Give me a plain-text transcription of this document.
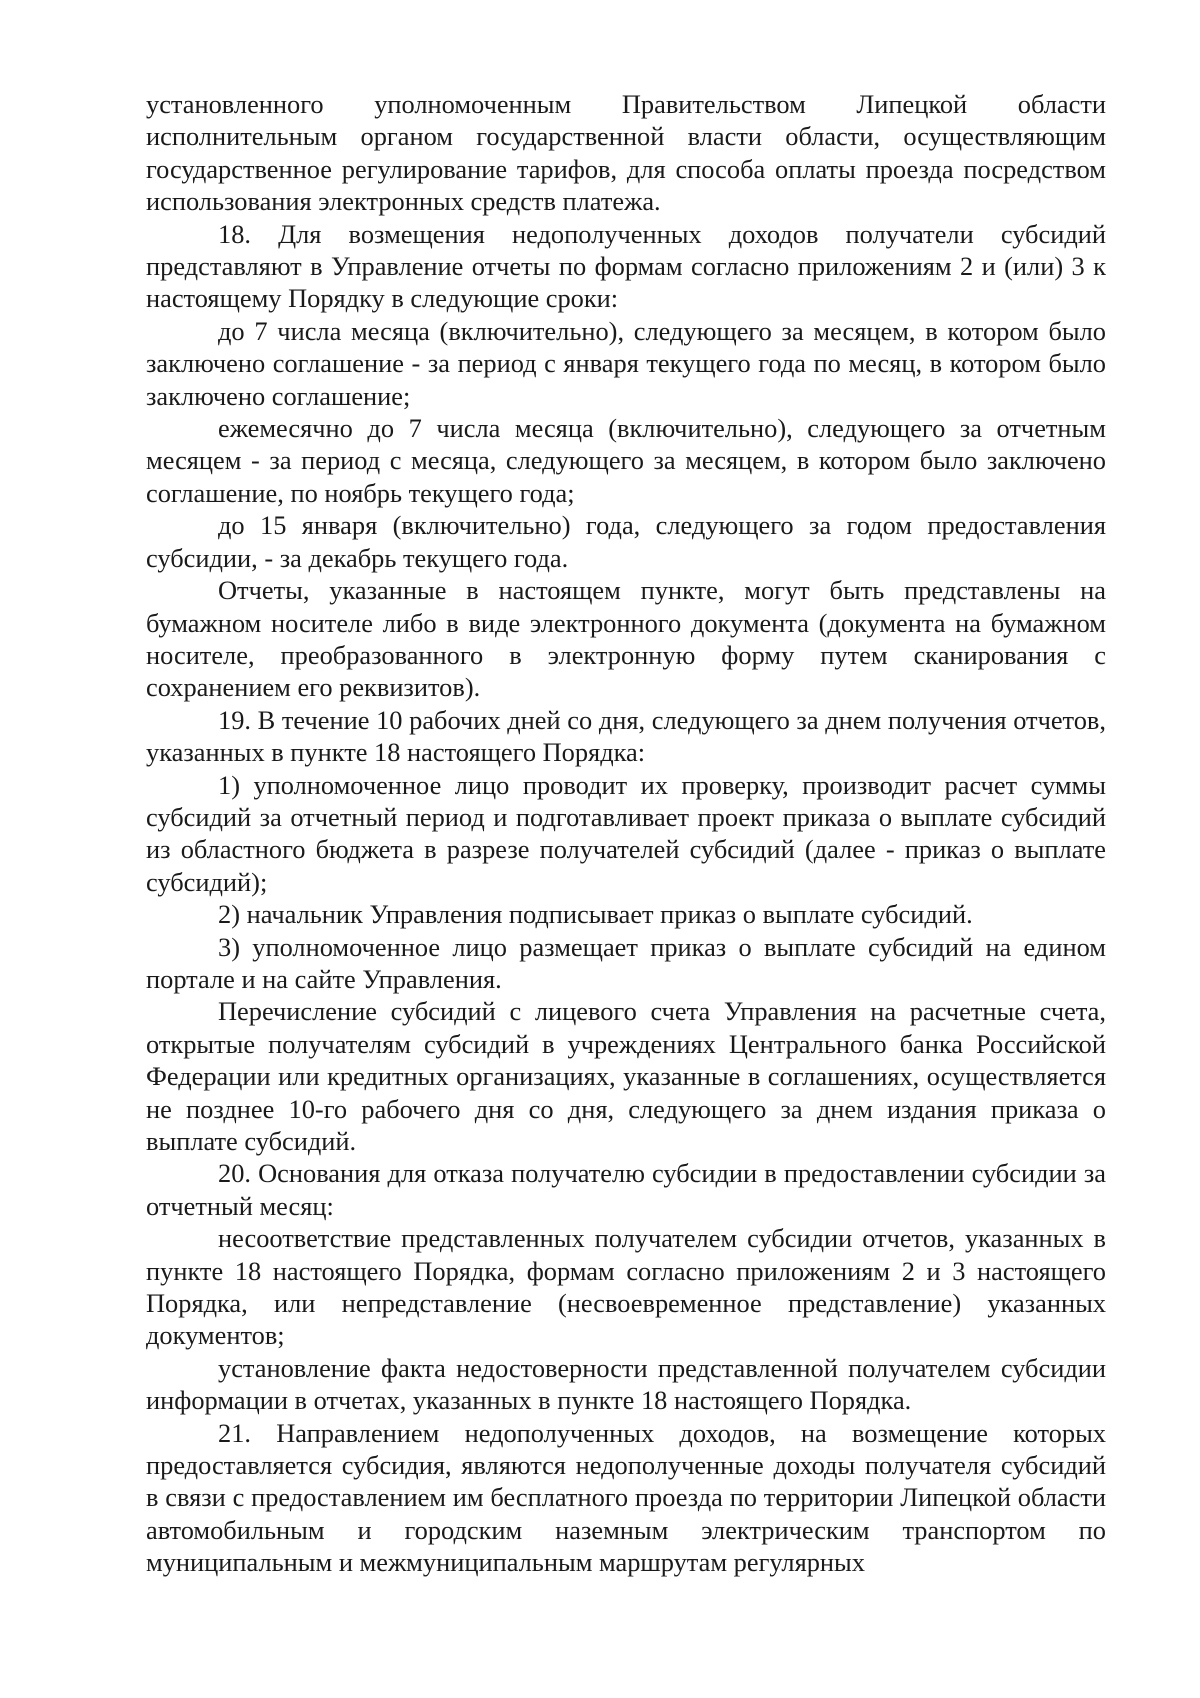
установленного уполномоченным Правительством Липецкой области исполнительным органом государственной власти области, осуществляющим государственное регулирование тарифов, для способа оплаты проезда посредством использования электронных средств платежа.

18. Для возмещения недополученных доходов получатели субсидий представляют в Управление отчеты по формам согласно приложениям 2 и (или) 3 к настоящему Порядку в следующие сроки:

до 7 числа месяца (включительно), следующего за месяцем, в котором было заключено соглашение - за период с января текущего года по месяц, в котором было заключено соглашение;

ежемесячно до 7 числа месяца (включительно), следующего за отчетным месяцем - за период с месяца, следующего за месяцем, в котором было заключено соглашение, по ноябрь текущего года;

до 15 января (включительно) года, следующего за годом предоставления субсидии, - за декабрь текущего года.

Отчеты, указанные в настоящем пункте, могут быть представлены на бумажном носителе либо в виде электронного документа (документа на бумажном носителе, преобразованного в электронную форму путем сканирования с сохранением его реквизитов).

19. В течение 10 рабочих дней со дня, следующего за днем получения отчетов, указанных в пункте 18 настоящего Порядка:

1) уполномоченное лицо проводит их проверку, производит расчет суммы субсидий за отчетный период и подготавливает проект приказа о выплате субсидий из областного бюджета в разрезе получателей субсидий (далее - приказ о выплате субсидий);

2) начальник Управления подписывает приказ о выплате субсидий.

3) уполномоченное лицо размещает приказ о выплате субсидий на едином портале и на сайте Управления.

Перечисление субсидий с лицевого счета Управления на расчетные счета, открытые получателям субсидий в учреждениях Центрального банка Российской Федерации или кредитных организациях, указанные в соглашениях, осуществляется не позднее 10-го рабочего дня со дня, следующего за днем издания приказа о выплате субсидий.

20. Основания для отказа получателю субсидии в предоставлении субсидии за отчетный месяц:

несоответствие представленных получателем субсидии отчетов, указанных в пункте 18 настоящего Порядка, формам согласно приложениям 2 и 3 настоящего Порядка, или непредставление (несвоевременное представление) указанных документов;

установление факта недостоверности представленной получателем субсидии информации в отчетах, указанных в пункте 18 настоящего Порядка.

21. Направлением недополученных доходов, на возмещение которых предоставляется субсидия, являются недополученные доходы получателя субсидий в связи с предоставлением им бесплатного проезда по территории Липецкой области автомобильным и городским наземным электрическим транспортом по муниципальным и межмуниципальным маршрутам регулярных
